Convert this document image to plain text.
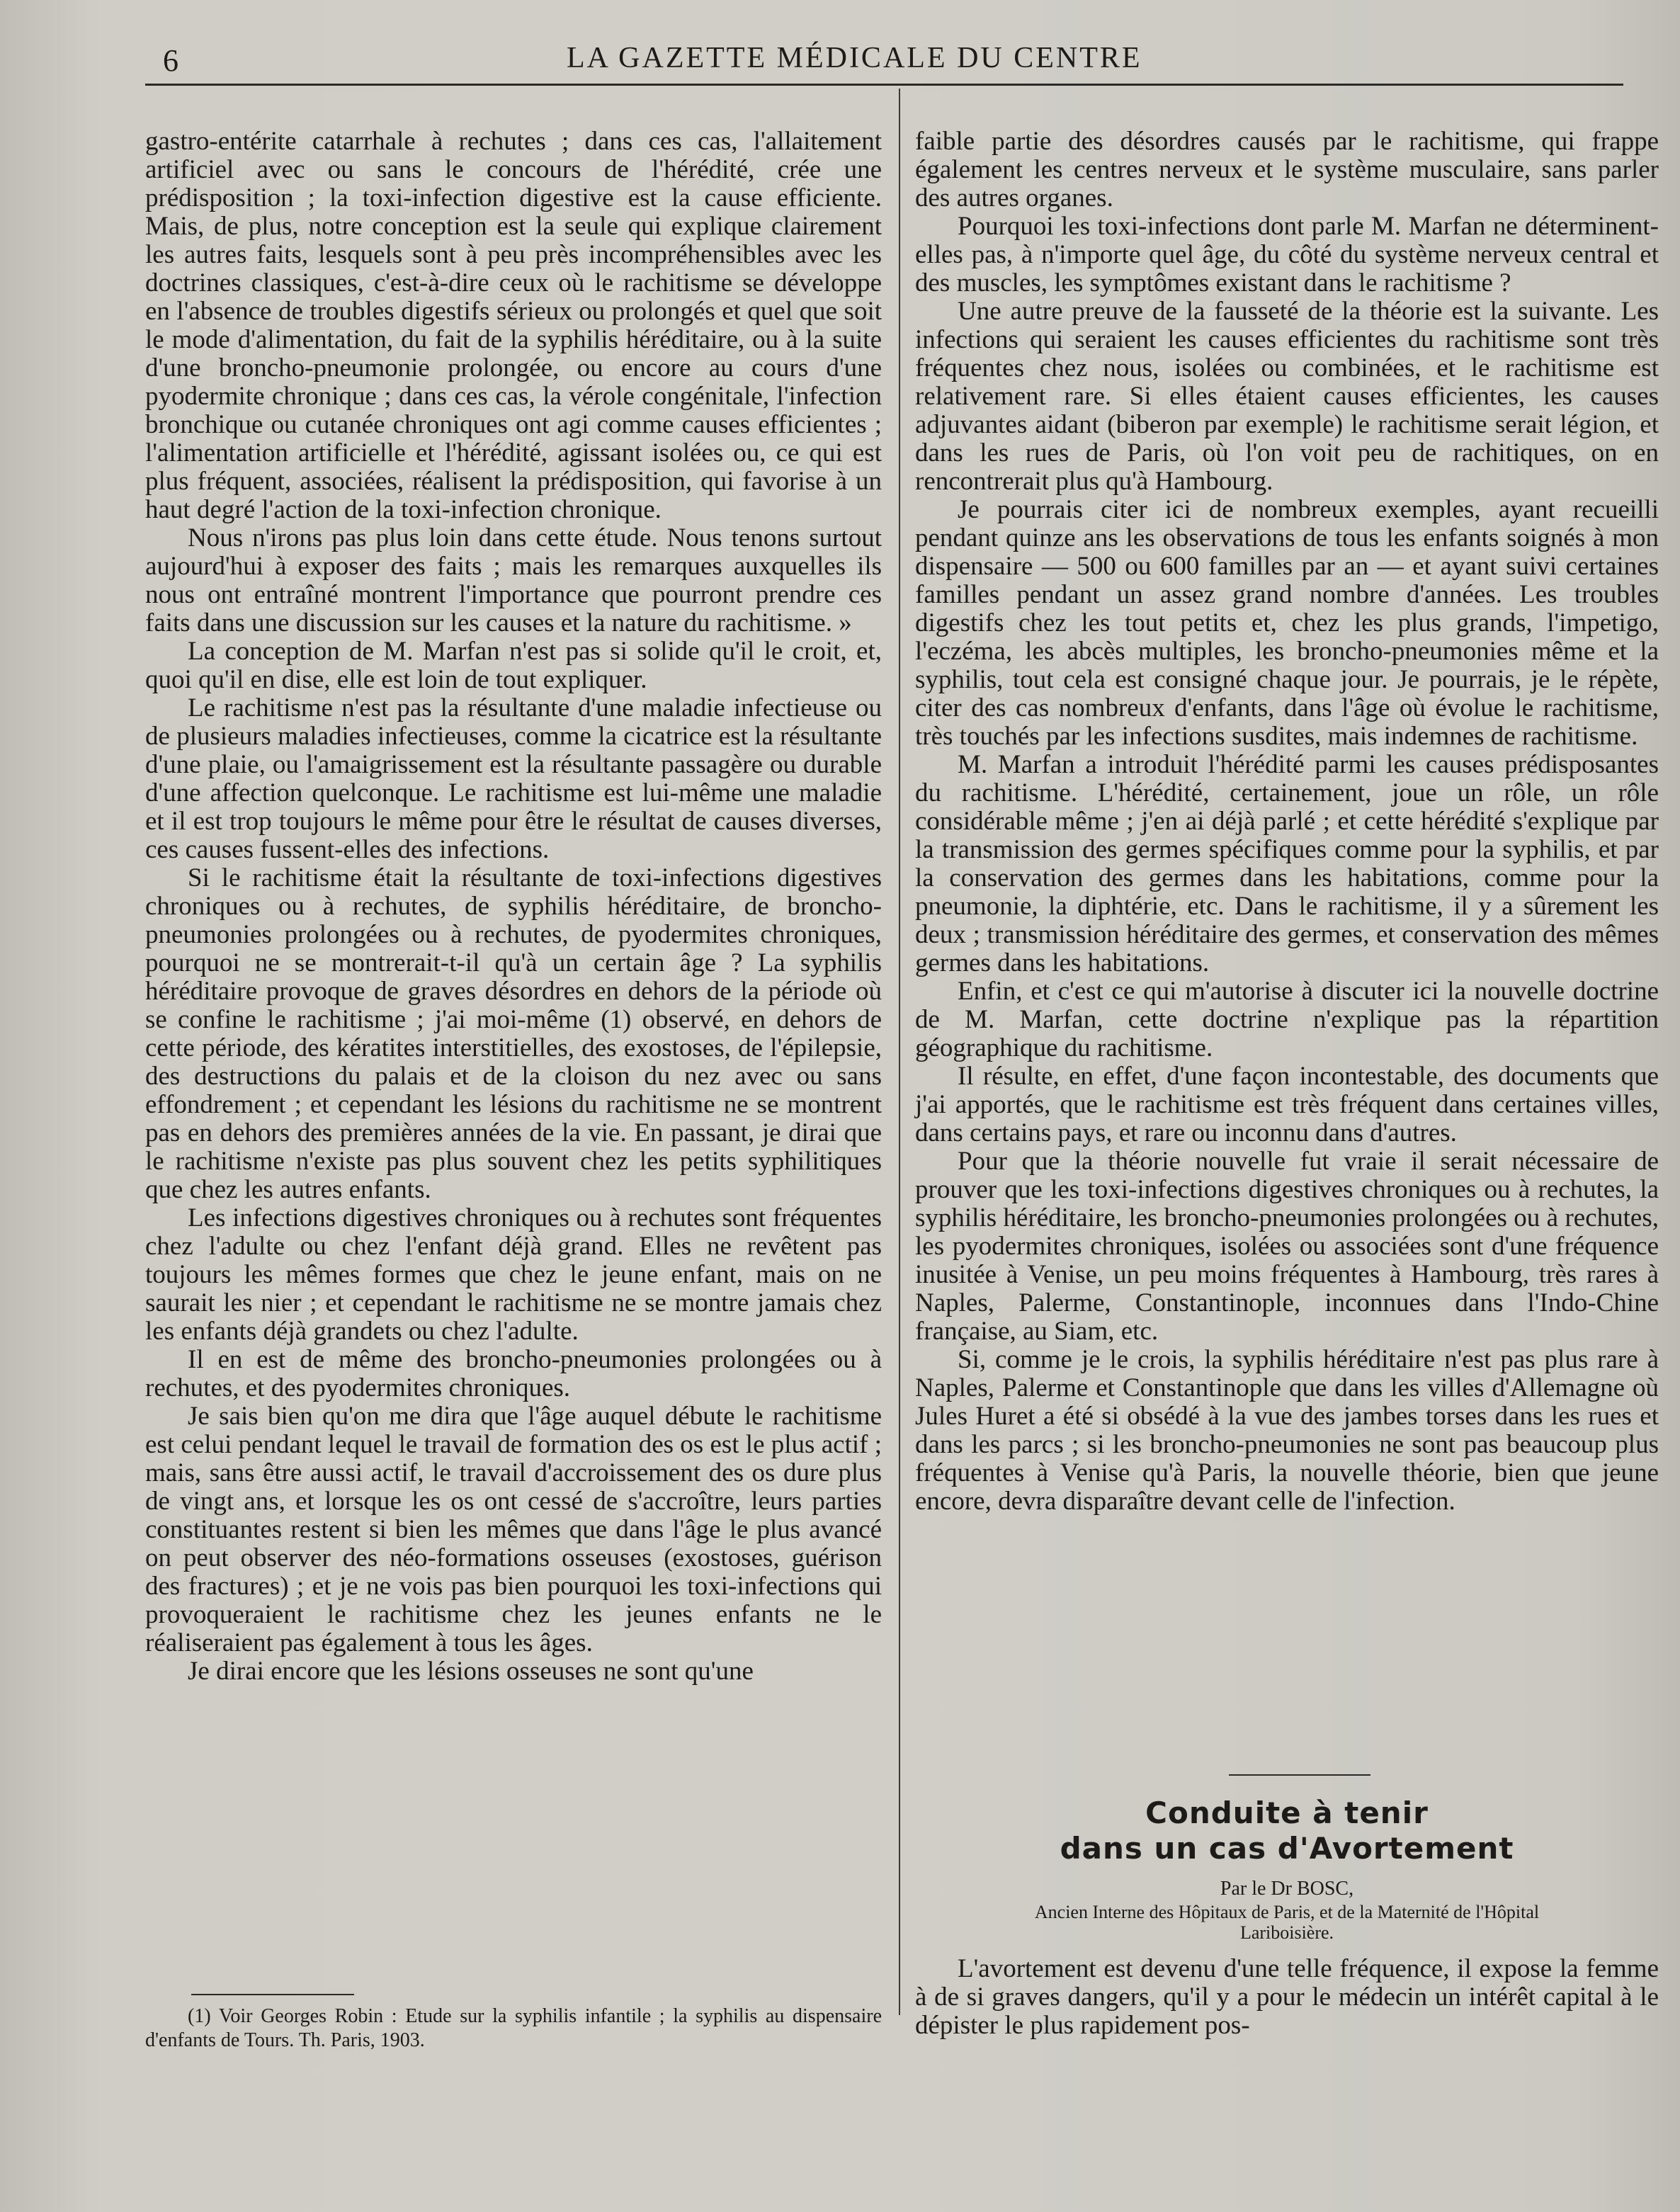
6	LA GAZETTE MÉDICALE DU CENTRE

gastro-entérite catarrhale à rechutes ; dans ces cas, l'allaitement artificiel avec ou sans le concours de l'hérédité, crée une prédisposition ; la toxi-infection digestive est la cause efficiente. Mais, de plus, notre conception est la seule qui explique clairement les autres faits, lesquels sont à peu près incompréhensibles avec les doctrines classiques, c'est-à-dire ceux où le rachitisme se développe en l'absence de troubles digestifs sérieux ou prolongés et quel que soit le mode d'alimentation, du fait de la syphilis héréditaire, ou à la suite d'une broncho-pneumonie prolongée, ou encore au cours d'une pyodermite chronique ; dans ces cas, la vérole congénitale, l'infection bronchique ou cutanée chroniques ont agi comme causes efficientes ; l'alimentation artificielle et l'hérédité, agissant isolées ou, ce qui est plus fréquent, associées, réalisent la prédisposition, qui favorise à un haut degré l'action de la toxi-infection chronique.

Nous n'irons pas plus loin dans cette étude. Nous tenons surtout aujourd'hui à exposer des faits ; mais les remarques auxquelles ils nous ont entraîné montrent l'importance que pourront prendre ces faits dans une discussion sur les causes et la nature du rachitisme. »

La conception de M. Marfan n'est pas si solide qu'il le croit, et, quoi qu'il en dise, elle est loin de tout expliquer.

Le rachitisme n'est pas la résultante d'une maladie infectieuse ou de plusieurs maladies infectieuses, comme la cicatrice est la résultante d'une plaie, ou l'amaigrissement est la résultante passagère ou durable d'une affection quelconque. Le rachitisme est lui-même une maladie et il est trop toujours le même pour être le résultat de causes diverses, ces causes fussent-elles des infections.

Si le rachitisme était la résultante de toxi-infections digestives chroniques ou à rechutes, de syphilis héréditaire, de broncho-pneumonies prolongées ou à rechutes, de pyodermites chroniques, pourquoi ne se montrerait-t-il qu'à un certain âge ? La syphilis héréditaire provoque de graves désordres en dehors de la période où se confine le rachitisme ; j'ai moi-même (1) observé, en dehors de cette période, des kératites interstitielles, des exostoses, de l'épilepsie, des destructions du palais et de la cloison du nez avec ou sans effondrement ; et cependant les lésions du rachitisme ne se montrent pas en dehors des premières années de la vie. En passant, je dirai que le rachitisme n'existe pas plus souvent chez les petits syphilitiques que chez les autres enfants.

Les infections digestives chroniques ou à rechutes sont fréquentes chez l'adulte ou chez l'enfant déjà grand. Elles ne revêtent pas toujours les mêmes formes que chez le jeune enfant, mais on ne saurait les nier ; et cependant le rachitisme ne se montre jamais chez les enfants déjà grandets ou chez l'adulte.

Il en est de même des broncho-pneumonies prolongées ou à rechutes, et des pyodermites chroniques.

Je sais bien qu'on me dira que l'âge auquel débute le rachitisme est celui pendant lequel le travail de formation des os est le plus actif ; mais, sans être aussi actif, le travail d'accroissement des os dure plus de vingt ans, et lorsque les os ont cessé de s'accroître, leurs parties constituantes restent si bien les mêmes que dans l'âge le plus avancé on peut observer des néo-formations osseuses (exostoses, guérison des fractures) ; et je ne vois pas bien pourquoi les toxi-infections qui provoqueraient le rachitisme chez les jeunes enfants ne le réaliseraient pas également à tous les âges.

Je dirai encore que les lésions osseuses ne sont qu'une

(1) Voir Georges Robin : Etude sur la syphilis infantile ; la syphilis au dispensaire d'enfants de Tours. Th. Paris, 1903.

faible partie des désordres causés par le rachitisme, qui frappe également les centres nerveux et le système musculaire, sans parler des autres organes.

Pourquoi les toxi-infections dont parle M. Marfan ne déterminent-elles pas, à n'importe quel âge, du côté du système nerveux central et des muscles, les symptômes existant dans le rachitisme ?

Une autre preuve de la fausseté de la théorie est la suivante. Les infections qui seraient les causes efficientes du rachitisme sont très fréquentes chez nous, isolées ou combinées, et le rachitisme est relativement rare. Si elles étaient causes efficientes, les causes adjuvantes aidant (biberon par exemple) le rachitisme serait légion, et dans les rues de Paris, où l'on voit peu de rachitiques, on en rencontrerait plus qu'à Hambourg.

Je pourrais citer ici de nombreux exemples, ayant recueilli pendant quinze ans les observations de tous les enfants soignés à mon dispensaire — 500 ou 600 familles par an — et ayant suivi certaines familles pendant un assez grand nombre d'années. Les troubles digestifs chez les tout petits et, chez les plus grands, l'impetigo, l'eczéma, les abcès multiples, les broncho-pneumonies même et la syphilis, tout cela est consigné chaque jour. Je pourrais, je le répète, citer des cas nombreux d'enfants, dans l'âge où évolue le rachitisme, très touchés par les infections susdites, mais indemnes de rachitisme.

M. Marfan a introduit l'hérédité parmi les causes prédisposantes du rachitisme. L'hérédité, certainement, joue un rôle, un rôle considérable même ; j'en ai déjà parlé ; et cette hérédité s'explique par la transmission des germes spécifiques comme pour la syphilis, et par la conservation des germes dans les habitations, comme pour la pneumonie, la diphtérie, etc. Dans le rachitisme, il y a sûrement les deux ; transmission héréditaire des germes, et conservation des mêmes germes dans les habitations.

Enfin, et c'est ce qui m'autorise à discuter ici la nouvelle doctrine de M. Marfan, cette doctrine n'explique pas la répartition géographique du rachitisme.

Il résulte, en effet, d'une façon incontestable, des documents que j'ai apportés, que le rachitisme est très fréquent dans certaines villes, dans certains pays, et rare ou inconnu dans d'autres.

Pour que la théorie nouvelle fut vraie il serait nécessaire de prouver que les toxi-infections digestives chroniques ou à rechutes, la syphilis héréditaire, les broncho-pneumonies prolongées ou à rechutes, les pyodermites chroniques, isolées ou associées sont d'une fréquence inusitée à Venise, un peu moins fréquentes à Hambourg, très rares à Naples, Palerme, Constantinople, inconnues dans l'Indo-Chine française, au Siam, etc.

Si, comme je le crois, la syphilis héréditaire n'est pas plus rare à Naples, Palerme et Constantinople que dans les villes d'Allemagne où Jules Huret a été si obsédé à la vue des jambes torses dans les rues et dans les parcs ; si les broncho-pneumonies ne sont pas beaucoup plus fréquentes à Venise qu'à Paris, la nouvelle théorie, bien que jeune encore, devra disparaître devant celle de l'infection.

Conduite à tenir
dans un cas d'Avortement
Par le Dr BOSC,
Ancien Interne des Hôpitaux de Paris, et de la Maternité de l'Hôpital
Lariboisière.

L'avortement est devenu d'une telle fréquence, il expose la femme à de si graves dangers, qu'il y a pour le médecin un intérêt capital à le dépister le plus rapidement pos-
